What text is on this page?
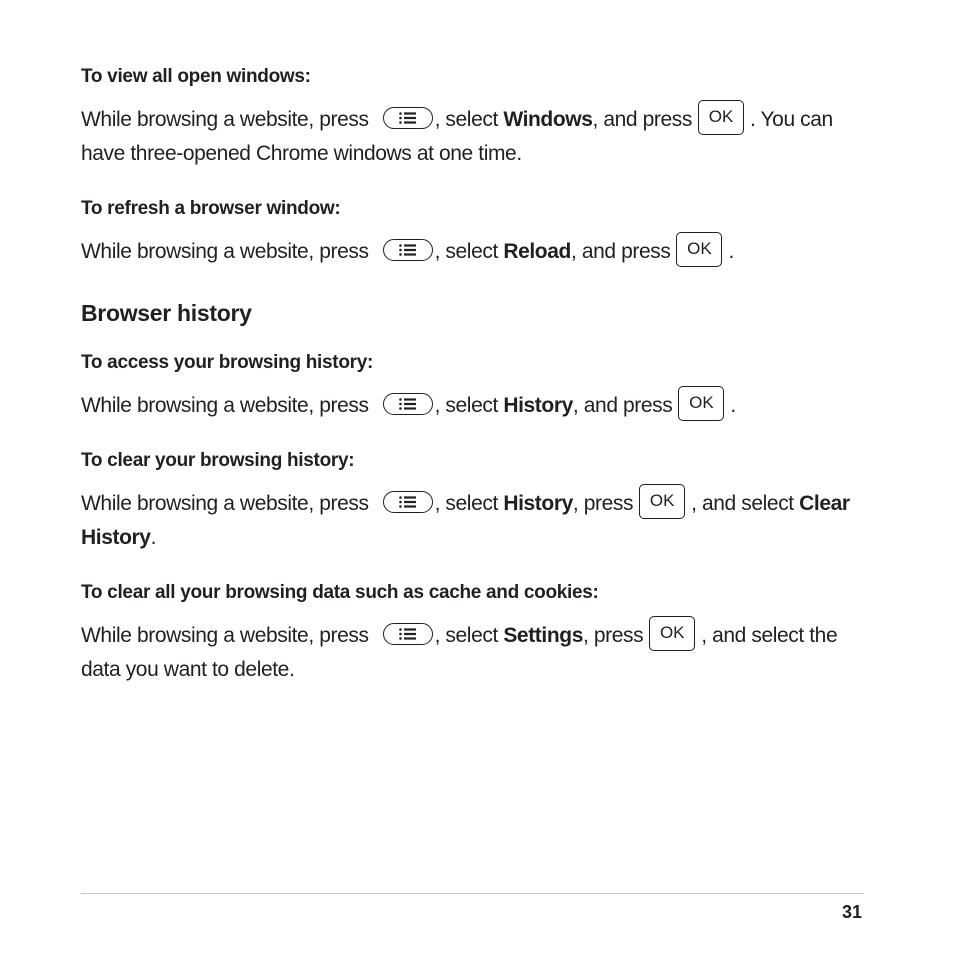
To view all open windows:
While browsing a website, press	, select Windows, and press OK . You can have three-opened Chrome windows at one time.
To refresh a browser window:
While browsing a website, press	, select Reload, and press OK .
Browser history
To access your browsing history:
While browsing a website, press	, select History, and press OK .
To clear your browsing history:
While browsing a website, press	, select History, press OK , and select Clear History.
To clear all your browsing data such as cache and cookies:
While browsing a website, press	, select Settings, press OK , and select the data you want to delete.
31
